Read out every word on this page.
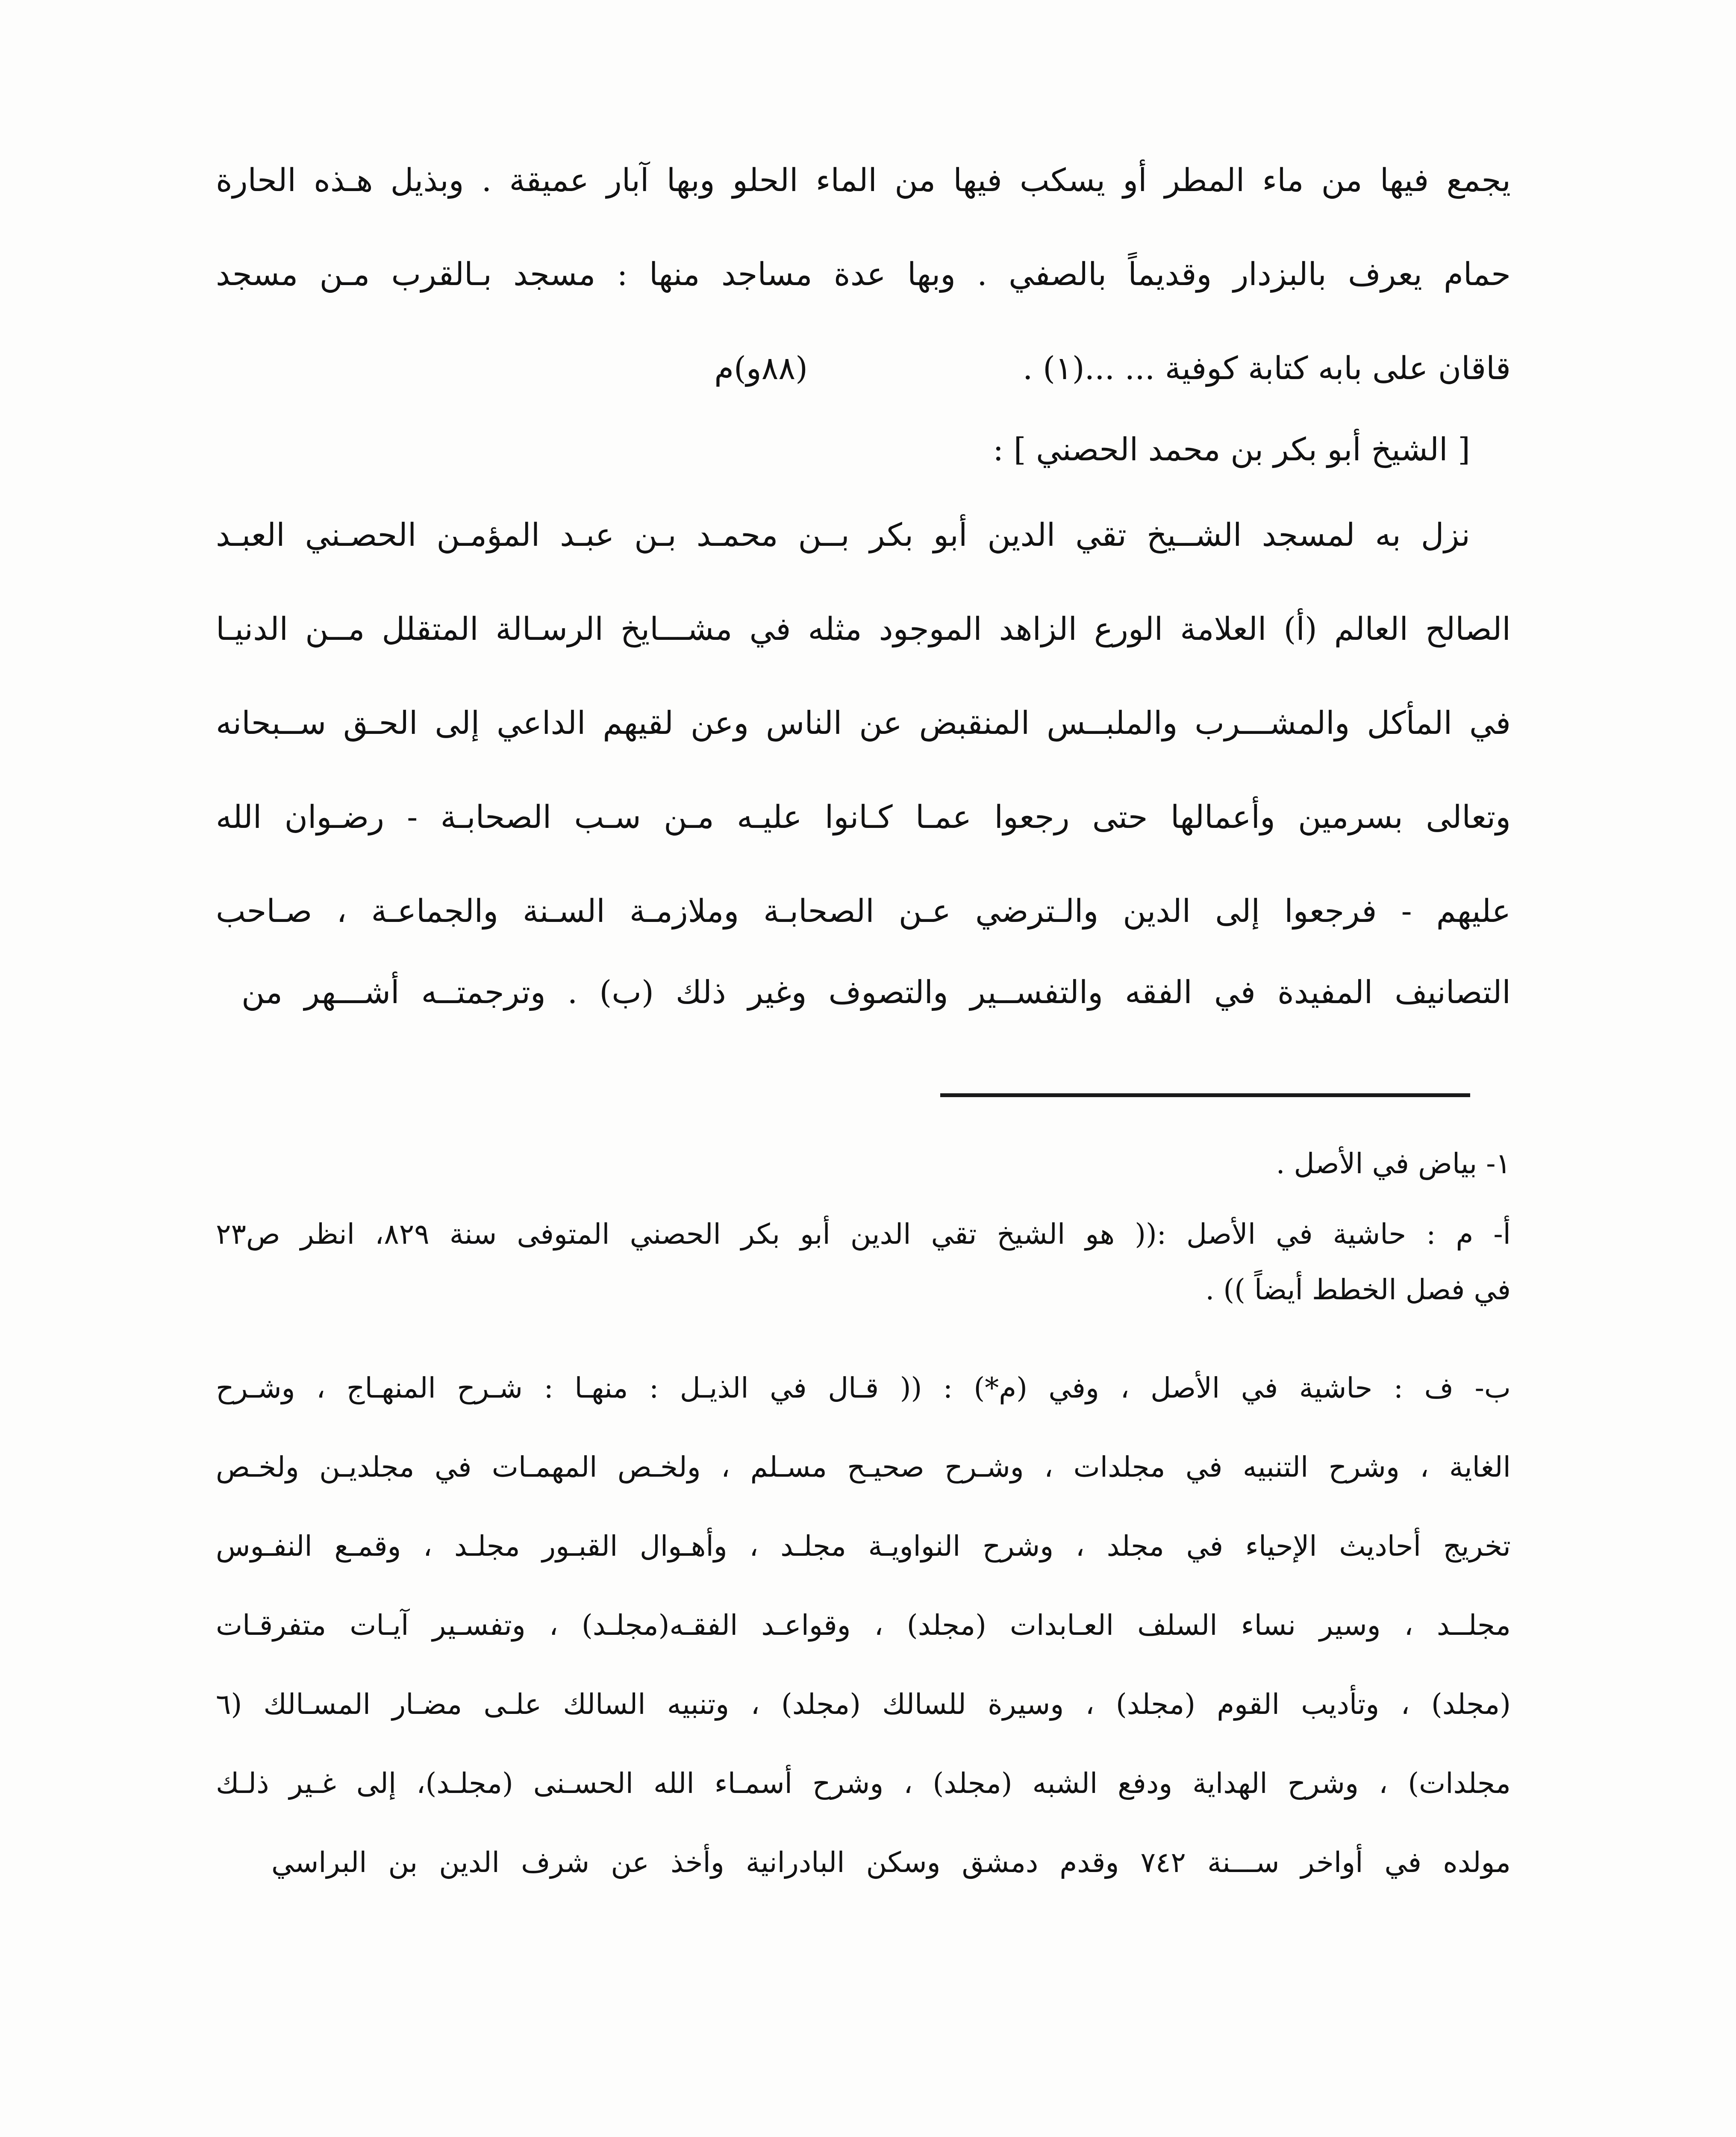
يجمع فيها من ماء المطر أو يسكب فيها من الماء الحلو وبها آبار عميقة . وبذيل هـذه الحارة
حمام يعرف بالبزدار وقديماً بالصفي . وبها عدة مساجد منها : مسجد بـالقرب مـن مسجد
قاقان على بابه كتابة كوفية ... ...(١) .
(٨٨و)م
[ الشيخ أبو بكر بن محمد الحصني ] :
نزل به لمسجد الشــيخ تقي الدين أبو بكر بــن محمـد بـن عبـد المؤمـن الحصـني العبـد
الصالح العالم (أ) العلامة الورع الزاهد الموجود مثله في مشـــايخ الرسـالة المتقلل مــن الدنيـا
في المأكل والمشـــرب والملبــس المنقبض عن الناس وعن لقيهم الداعي إلى الحـق ســبحانه
وتعالى بسرمين وأعمالها حتى رجعوا عمـا كـانوا عليـه مـن سـب الصحابـة - رضـوان الله
عليهم - فرجعوا إلى الدين والـترضي عـن الصحابـة وملازمـة السـنة والجماعـة ، صـاحب
التصانيف المفيدة في الفقه والتفســير والتصوف وغير ذلك (ب) . وترجمتــه أشـــهر من
١- بياض في الأصل .
أ- م : حاشية في الأصل :(( هو الشيخ تقي الدين أبو بكر الحصني المتوفى سنة ٨٢٩، انظر ص٢٣
في فصل الخطط أيضاً )) .
ب- ف : حاشية في الأصل ، وفي (م*) : (( قـال في الذيـل : منهـا : شـرح المنهـاج ، وشـرح
الغاية ، وشرح التنبيه في مجلدات ، وشـرح صحيـح مسـلم ، ولخـص المهمـات في مجلديـن ولخـص
تخريج أحاديث الإحياء في مجلد ، وشرح النواويـة مجلـد ، وأهـوال القبـور مجلـد ، وقمـع النفـوس
مجلــد ، وسير نساء السلف العـابدات (مجلد) ، وقواعـد الفقـه(مجلـد) ، وتفسـير آيـات متفرقـات
(مجلد) ، وتأديب القوم (مجلد) ، وسيرة للسالك (مجلد) ، وتنبيه السالك علـى مضـار المسـالك (٦
مجلدات) ، وشرح الهداية ودفع الشبه (مجلد) ، وشرح أسمـاء الله الحسـنى (مجلـد)، إلى غـير ذلـك
مولده في أواخر ســـنة ٧٤٢ وقدم دمشق وسكن البادرانية وأخذ عن شرف الدين بن البراسي
